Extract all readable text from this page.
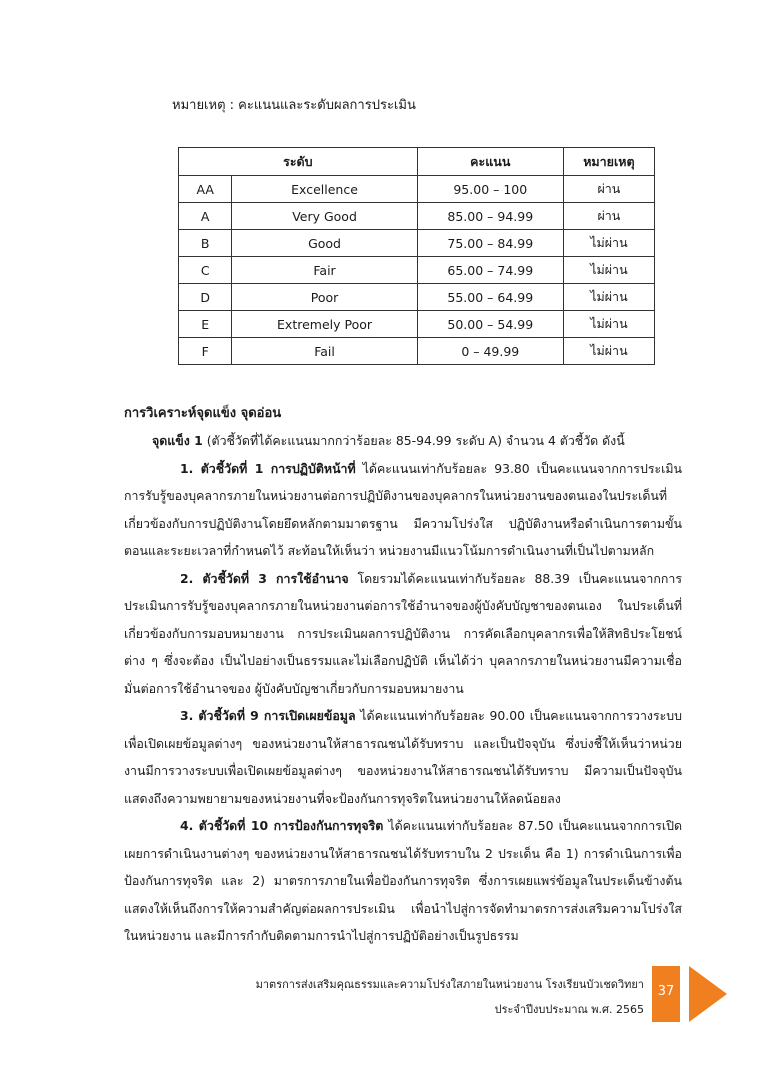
หมายเหตุ : คะแนนและระดับผลการประเมิน
ระดับ		คะแนน	หมายเหตุ
AA	Excellence	95.00 – 100	ผ่าน
A	Very Good	85.00 – 94.99	ผ่าน
B	Good	75.00 – 84.99	ไม่ผ่าน
C	Fair	65.00 – 74.99	ไม่ผ่าน
D	Poor	55.00 – 64.99	ไม่ผ่าน
E	Extremely Poor	50.00 – 54.99	ไม่ผ่าน
F	Fail	0 – 49.99	ไม่ผ่าน
การวิเคราะห์จุดแข็ง จุดอ่อน

จุดแข็ง 1 (ตัวชี้วัดที่ได้คะแนนมากกว่าร้อยละ 85-94.99 ระดับ A) จำนวน 4 ตัวชี้วัด ดังนี้

1. ตัวชี้วัดที่ 1 การปฏิบัติหน้าที่ ได้คะแนนเท่ากับร้อยละ 93.80 เป็นคะแนนจากการประเมินการรับรู้ของบุคลากรภายในหน่วยงานต่อการปฏิบัติงานของบุคลากรในหน่วยงานของตนเองในประเด็นที่เกี่ยวข้องกับการปฏิบัติงานโดยยึดหลักตามมาตรฐาน มีความโปร่งใส ปฏิบัติงานหรือดำเนินการตามขั้นตอนและระยะเวลาที่กำหนดไว้ สะท้อนให้เห็นว่า หน่วยงานมีแนวโน้มการดำเนินงานที่เป็นไปตามหลัก

2. ตัวชี้วัดที่ 3 การใช้อำนาจ โดยรวมได้คะแนนเท่ากับร้อยละ 88.39 เป็นคะแนนจากการประเมินการรับรู้ของบุคลากรภายในหน่วยงานต่อการใช้อำนาจของผู้บังคับบัญชาของตนเอง ในประเด็นที่เกี่ยวข้องกับการมอบหมายงาน การประเมินผลการปฏิบัติงาน การคัดเลือกบุคลากรเพื่อให้สิทธิประโยชน์ต่าง ๆ ซึ่งจะต้อง เป็นไปอย่างเป็นธรรมและไม่เลือกปฏิบัติ เห็นได้ว่า บุคลากรภายในหน่วยงานมีความเชื่อมั่นต่อการใช้อำนาจของ ผู้บังคับบัญชาเกี่ยวกับการมอบหมายงาน

3. ตัวชี้วัดที่ 9 การเปิดเผยข้อมูล ได้คะแนนเท่ากับร้อยละ 90.00 เป็นคะแนนจากการวางระบบเพื่อเปิดเผยข้อมูลต่างๆ ของหน่วยงานให้สาธารณชนได้รับทราบ และเป็นปัจจุบัน ซึ่งบ่งชี้ให้เห็นว่าหน่วยงานมีการวางระบบเพื่อเปิดเผยข้อมูลต่างๆ ของหน่วยงานให้สาธารณชนได้รับทราบ มีความเป็นปัจจุบัน แสดงถึงความพยายามของหน่วยงานที่จะป้องกันการทุจริตในหน่วยงานให้ลดน้อยลง

4. ตัวชี้วัดที่ 10 การป้องกันการทุจริต ได้คะแนนเท่ากับร้อยละ 87.50 เป็นคะแนนจากการเปิดเผยการดำเนินงานต่างๆ ของหน่วยงานให้สาธารณชนได้รับทราบใน 2 ประเด็น คือ 1) การดำเนินการเพื่อป้องกันการทุจริต และ 2) มาตรการภายในเพื่อป้องกันการทุจริต ซึ่งการเผยแพร่ข้อมูลในประเด็นข้างต้นแสดงให้เห็นถึงการให้ความสำคัญต่อผลการประเมิน เพื่อนำไปสู่การจัดทำมาตรการส่งเสริมความโปร่งใสในหน่วยงาน และมีการกำกับติดตามการนำไปสู่การปฏิบัติอย่างเป็นรูปธรรม

มาตรการส่งเสริมคุณธรรมและความโปร่งใสภายในหน่วยงาน โรงเรียนบัวเชดวิทยา
ประจำปีงบประมาณ พ.ศ. 2565
37
